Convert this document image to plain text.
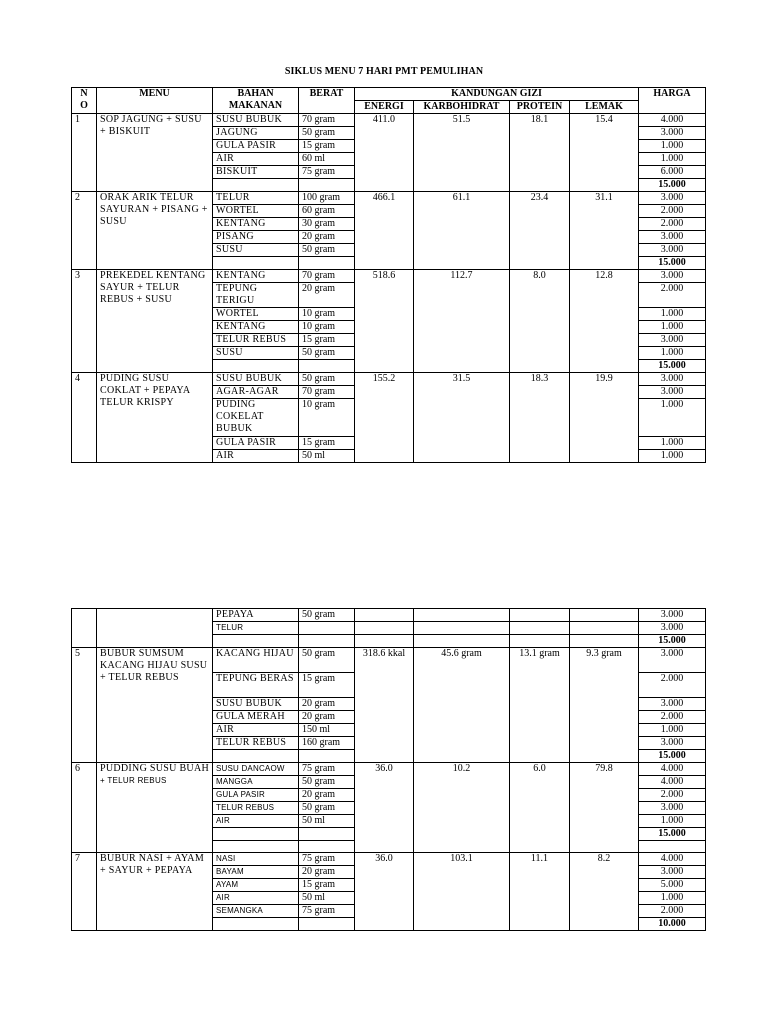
SIKLUS MENU 7 HARI PMT PEMULIHAN
N O	MENU	BAHAN MAKANAN	BERAT	KANDUNGAN GIZI				HARGA
				ENERGI	KARBOHIDRAT	PROTEIN	LEMAK	
1	SOP JAGUNG + SUSU + BISKUIT	SUSU BUBUK	70 gram	411.0	51.5	18.1	15.4	4.000
		JAGUNG	50 gram					3.000
		GULA PASIR	15 gram					1.000
		AIR	60 ml					1.000
		BISKUIT	75 gram					6.000
								15.000
2	ORAK ARIK TELUR SAYURAN + PISANG + SUSU	TELUR	100 gram	466.1	61.1	23.4	31.1	3.000
		WORTEL	60 gram					2.000
		KENTANG	30 gram					2.000
		PISANG	20 gram					3.000
		SUSU	50 gram					3.000
								15.000
3	PREKEDEL KENTANG SAYUR + TELUR REBUS + SUSU	KENTANG	70 gram	518.6	112.7	8.0	12.8	3.000
		TEPUNG TERIGU	20 gram					2.000
		WORTEL	10 gram					1.000
		KENTANG	10 gram					1.000
		TELUR REBUS	15 gram					3.000
		SUSU	50 gram					1.000
								15.000
4	PUDING SUSU COKLAT + PEPAYA TELUR KRISPY	SUSU BUBUK	50 gram	155.2	31.5	18.3	19.9	3.000
		AGAR-AGAR	70 gram					3.000
		PUDING COKELAT BUBUK	10 gram					1.000
		GULA PASIR	15 gram					1.000
		AIR	50 ml					1.000
		PEPAYA	50 gram					3.000
		TELUR						3.000
								15.000
5	BUBUR SUMSUM KACANG HIJAU SUSU + TELUR REBUS	KACANG HIJAU	50 gram	318.6 kkal	45.6 gram	13.1 gram	9.3 gram	3.000
		TEPUNG BERAS	15 gram					2.000
		SUSU BUBUK	20 gram					3.000
		GULA MERAH	20 gram					2.000
		AIR	150 ml					1.000
		TELUR REBUS	160 gram					3.000
								15.000
6	PUDDING SUSU BUAH + TELUR REBUS	SUSU DANCAOW	75 gram	36.0	10.2	6.0	79.8	4.000
		MANGGA	50 gram					4.000
		GULA PASIR	20 gram					2.000
		TELUR REBUS	50 gram					3.000
		AIR	50 ml					1.000
								15.000

7	BUBUR NASI + AYAM + SAYUR + PEPAYA	NASI	75 gram	36.0	103.1	11.1	8.2	4.000
		BAYAM	20 gram					3.000
		AYAM	15 gram					5.000
		AIR	50 ml					1.000
		SEMANGKA	75 gram					2.000
								10.000
